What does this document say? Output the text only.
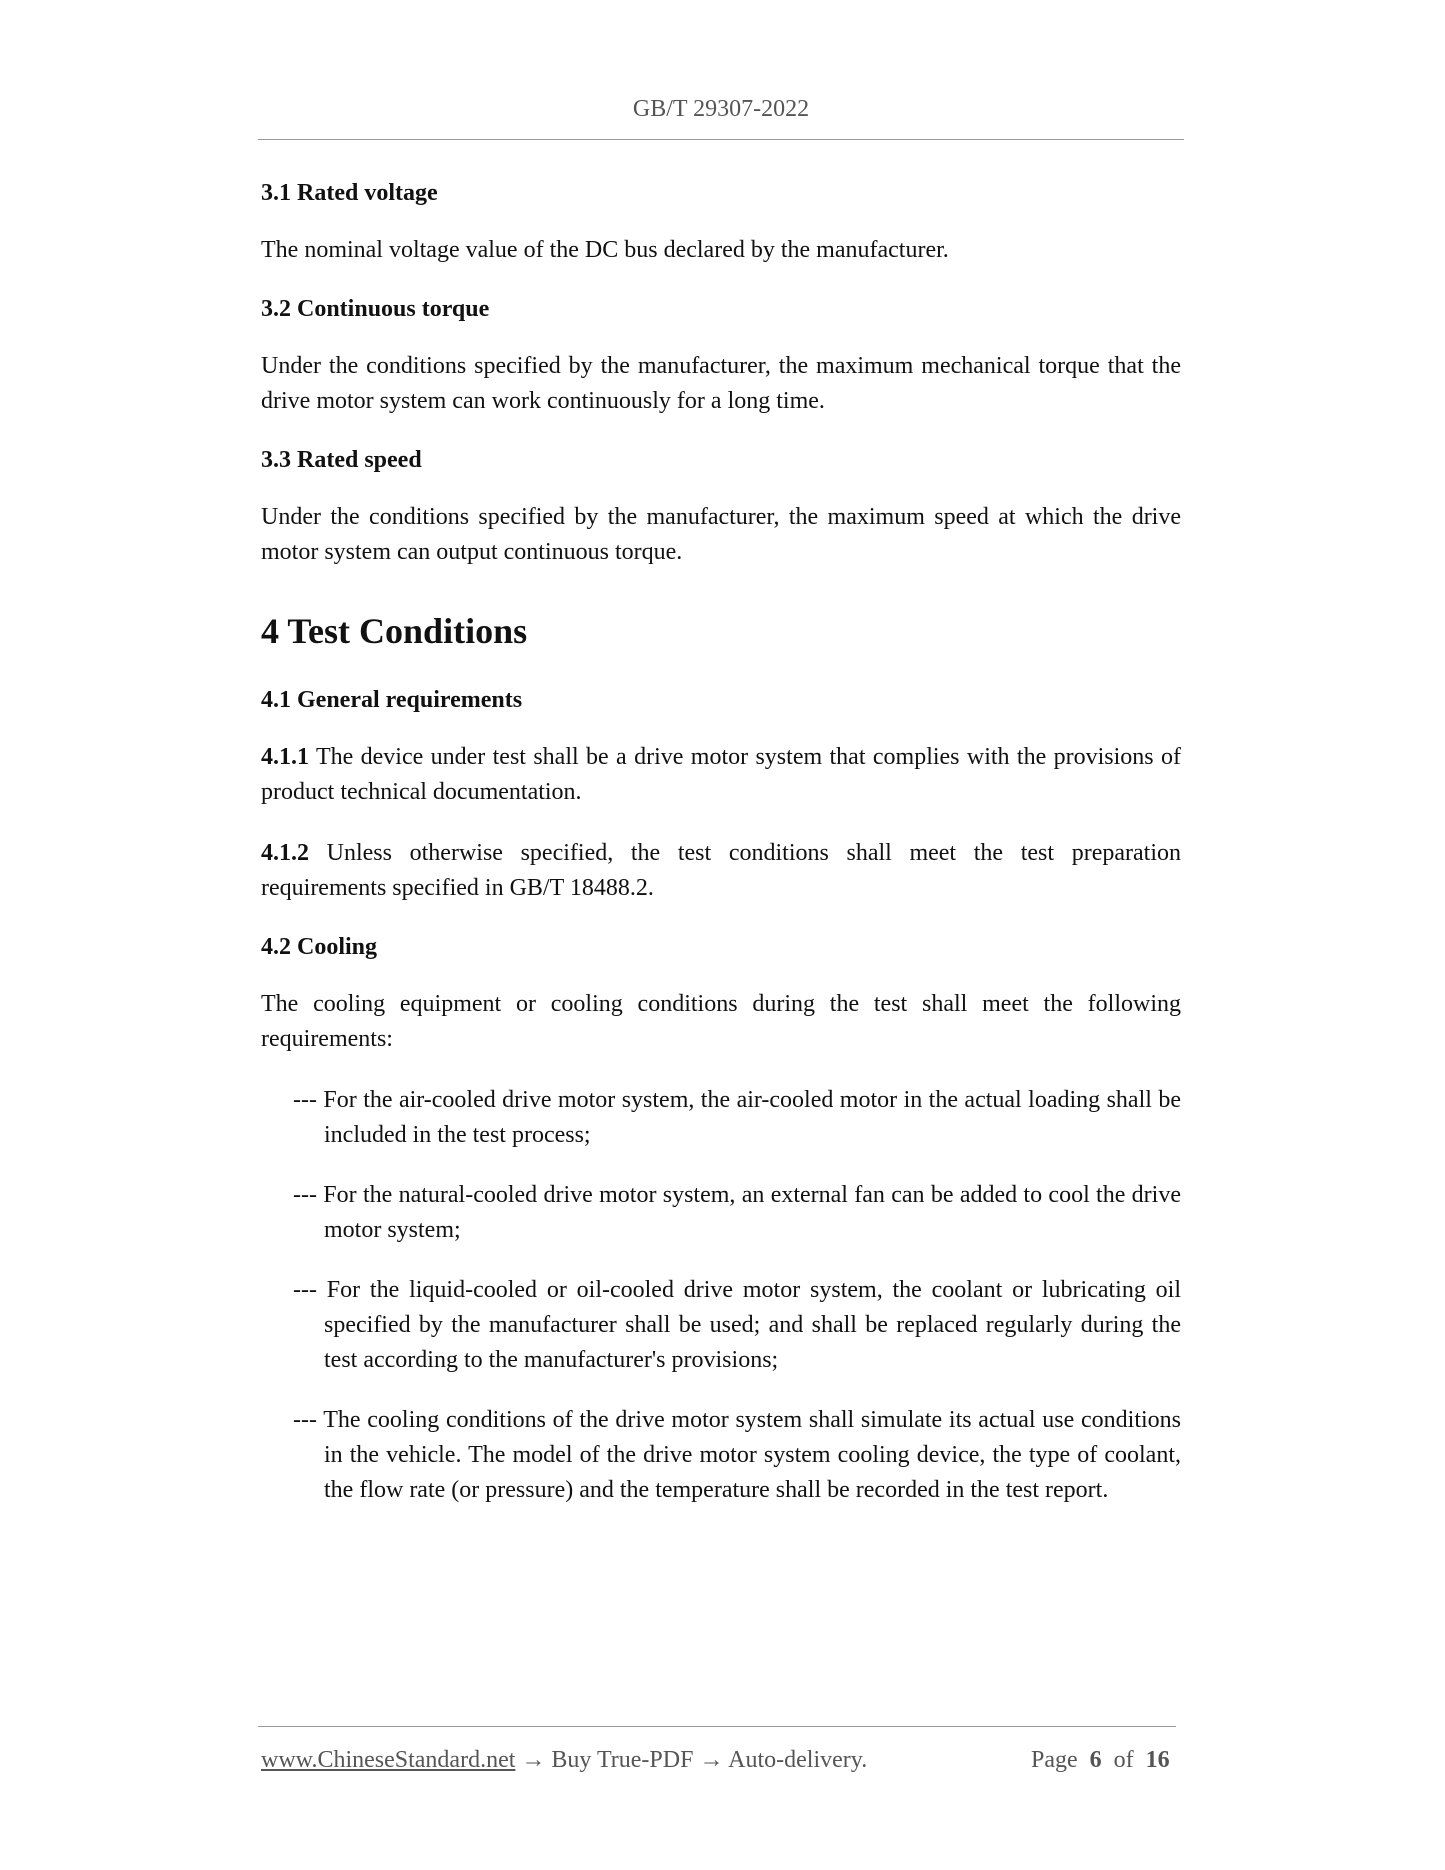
GB/T 29307-2022
3.1 Rated voltage
The nominal voltage value of the DC bus declared by the manufacturer.
3.2 Continuous torque
Under the conditions specified by the manufacturer, the maximum mechanical torque that the drive motor system can work continuously for a long time.
3.3 Rated speed
Under the conditions specified by the manufacturer, the maximum speed at which the drive motor system can output continuous torque.
4 Test Conditions
4.1 General requirements
4.1.1 The device under test shall be a drive motor system that complies with the provisions of product technical documentation.
4.1.2 Unless otherwise specified, the test conditions shall meet the test preparation requirements specified in GB/T 18488.2.
4.2 Cooling
The cooling equipment or cooling conditions during the test shall meet the following requirements:
--- For the air-cooled drive motor system, the air-cooled motor in the actual loading shall be included in the test process;
--- For the natural-cooled drive motor system, an external fan can be added to cool the drive motor system;
--- For the liquid-cooled or oil-cooled drive motor system, the coolant or lubricating oil specified by the manufacturer shall be used; and shall be replaced regularly during the test according to the manufacturer's provisions;
--- The cooling conditions of the drive motor system shall simulate its actual use conditions in the vehicle. The model of the drive motor system cooling device, the type of coolant, the flow rate (or pressure) and the temperature shall be recorded in the test report.
www.ChineseStandard.net → Buy True-PDF → Auto-delivery.	Page 6 of 16
